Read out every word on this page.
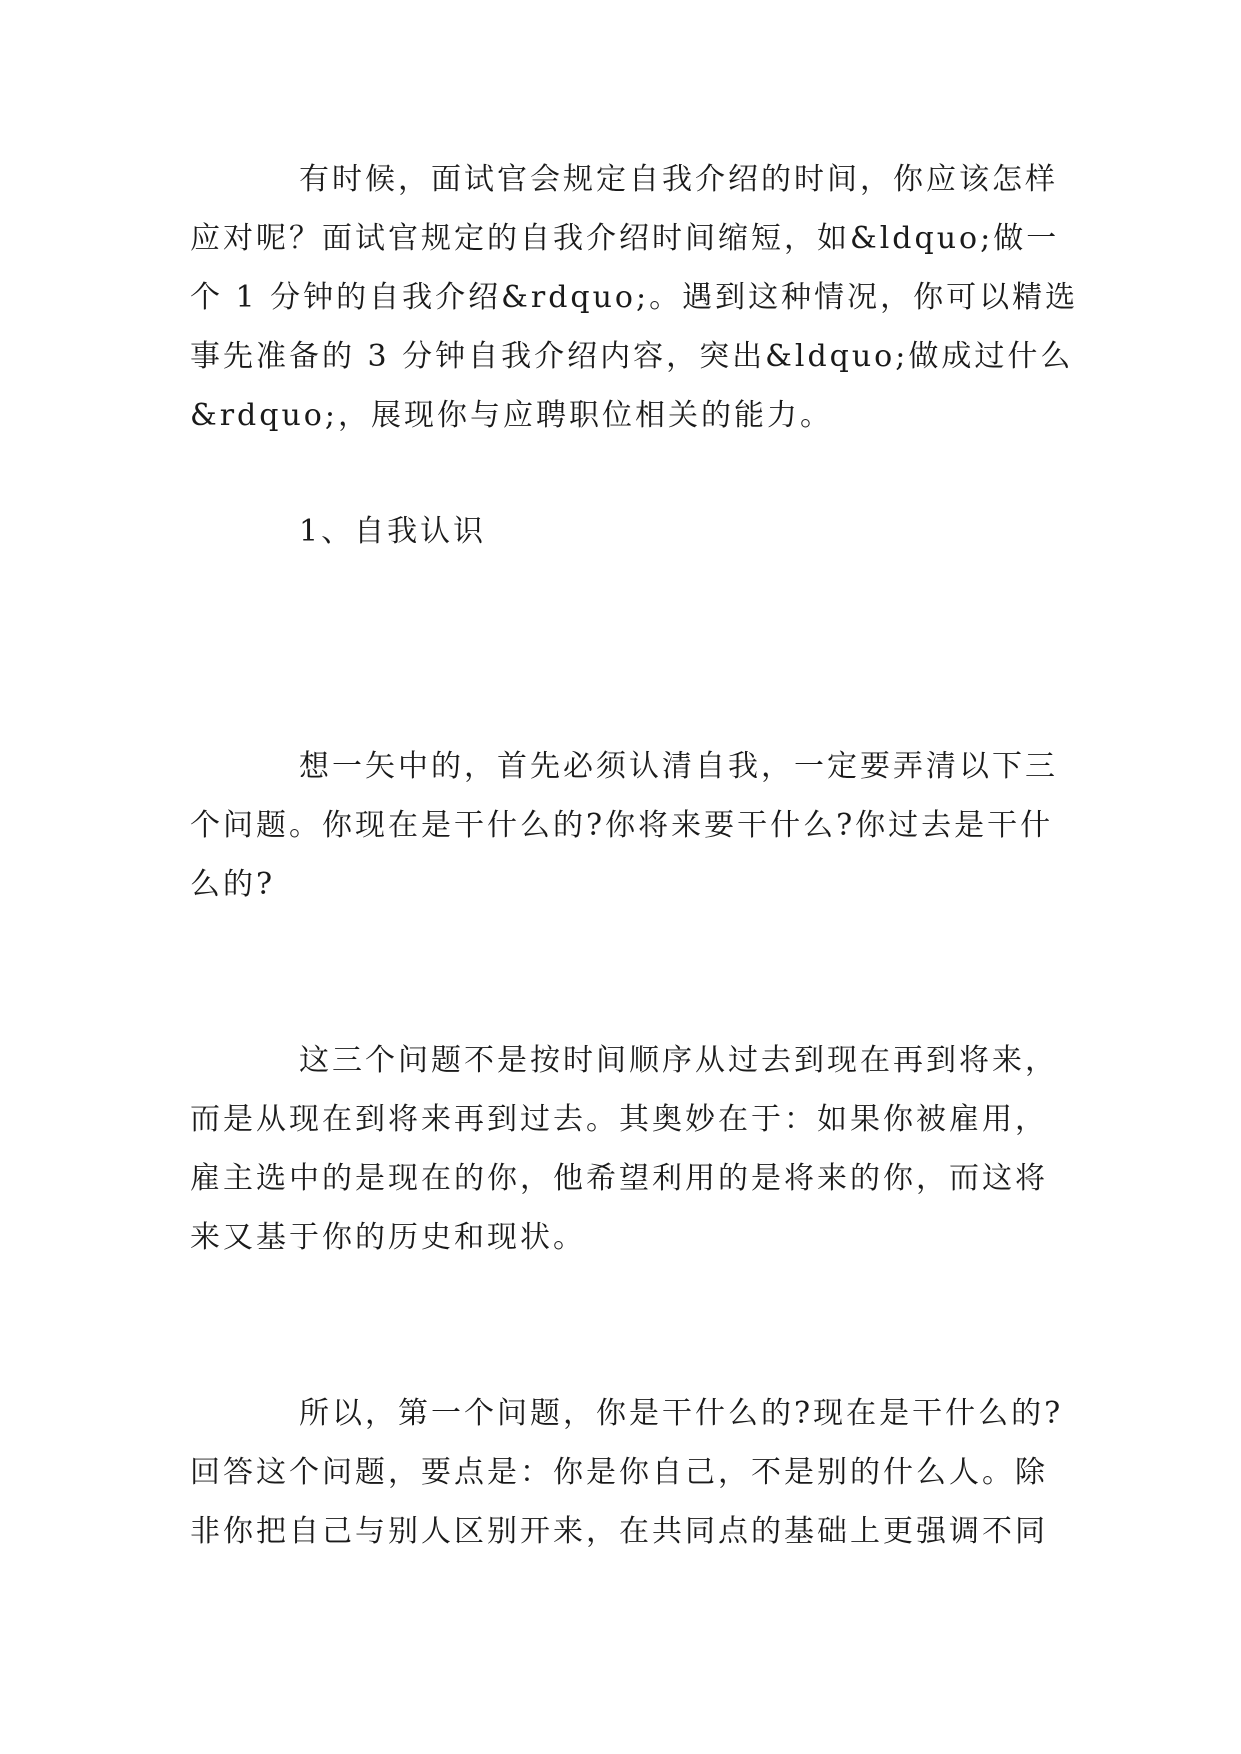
有时候，面试官会规定自我介绍的时间，你应该怎样
应对呢？面试官规定的自我介绍时间缩短，如&ldquo;做一
个 1 分钟的自我介绍&rdquo;。遇到这种情况，你可以精选
事先准备的 3 分钟自我介绍内容，突出&ldquo;做成过什么
&rdquo;，展现你与应聘职位相关的能力。

1、自我认识

想一矢中的，首先必须认清自我，一定要弄清以下三
个问题。你现在是干什么的?你将来要干什么?你过去是干什
么的?

这三个问题不是按时间顺序从过去到现在再到将来，
而是从现在到将来再到过去。其奥妙在于：如果你被雇用，
雇主选中的是现在的你，他希望利用的是将来的你，而这将
来又基于你的历史和现状。

所以，第一个问题，你是干什么的?现在是干什么的?
回答这个问题，要点是：你是你自己，不是别的什么人。除
非你把自己与别人区别开来，在共同点的基础上更强调不同
